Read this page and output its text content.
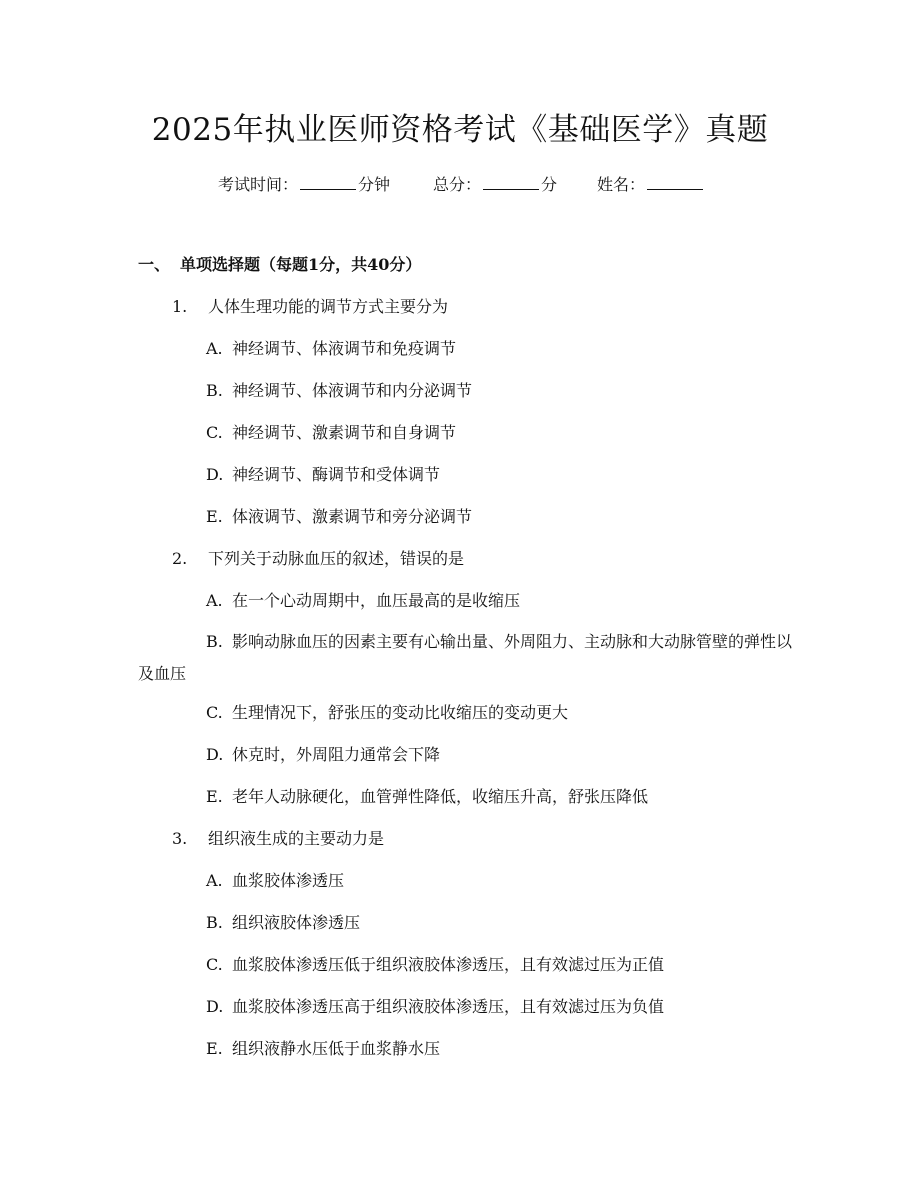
2025年执业医师资格考试《基础医学》真题
考试时间：	分钟	总分：	分 姓名：
一、 单项选择题（每题1分，共40分）
1. 人体生理功能的调节方式主要分为
A. 神经调节、体液调节和免疫调节
B. 神经调节、体液调节和内分泌调节
C. 神经调节、激素调节和自身调节
D. 神经调节、酶调节和受体调节
E. 体液调节、激素调节和旁分泌调节
2. 下列关于动脉血压的叙述，错误的是
A. 在一个心动周期中，血压最高的是收缩压
B. 影响动脉血压的因素主要有心输出量、外周阻力、主动脉和大动脉管壁的弹性以及血压
C. 生理情况下，舒张压的变动比收缩压的变动更大
D. 休克时，外周阻力通常会下降
E. 老年人动脉硬化，血管弹性降低，收缩压升高，舒张压降低
3. 组织液生成的主要动力是
A. 血浆胶体渗透压
B. 组织液胶体渗透压
C. 血浆胶体渗透压低于组织液胶体渗透压，且有效滤过压为正值
D. 血浆胶体渗透压高于组织液胶体渗透压，且有效滤过压为负值
E. 组织液静水压低于血浆静水压
